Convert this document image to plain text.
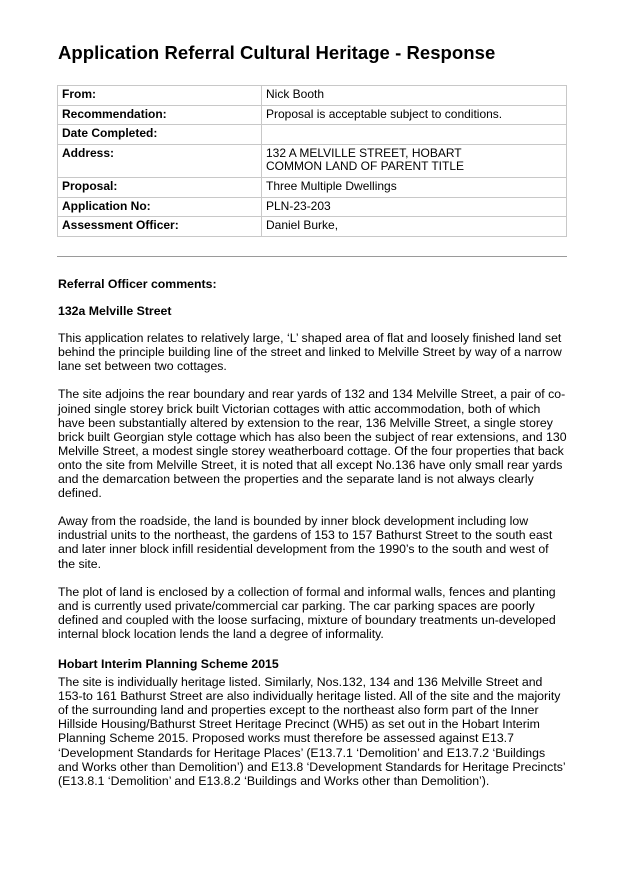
Application Referral Cultural Heritage - Response
From:	Nick Booth
Recommendation:	Proposal is acceptable subject to conditions.
Date Completed:	
Address:	132 A MELVILLE STREET, HOBART
COMMON LAND OF PARENT TITLE

Proposal:	Three Multiple Dwellings
Application No:	PLN-23-203
Assessment Officer:	Daniel Burke,
Referral Officer comments:
132a Melville Street

This application relates to relatively large, ‘L’ shaped area of flat and loosely finished land set behind the principle building line of the street and linked to Melville Street by way of a narrow lane set between two cottages.

The site adjoins the rear boundary and rear yards of 132 and 134 Melville Street, a pair of co-joined single storey brick built Victorian cottages with attic accommodation, both of which have been substantially altered by extension to the rear, 136 Melville Street, a single storey brick built Georgian style cottage which has also been the subject of rear extensions, and 130 Melville Street, a modest single storey weatherboard cottage. Of the four properties that back onto the site from Melville Street, it is noted that all except No.136 have only small rear yards and the demarcation between the properties and the separate land is not always clearly defined.

Away from the roadside, the land is bounded by inner block development including low industrial units to the northeast, the gardens of 153 to 157 Bathurst Street to the south east and later inner block infill residential development from the 1990’s to the south and west of the site.

The plot of land is enclosed by a collection of formal and informal walls, fences and planting and is currently used private/commercial car parking. The car parking spaces are poorly defined and coupled with the loose surfacing, mixture of boundary treatments un-developed internal block location lends the land a degree of informality.

Hobart Interim Planning Scheme 2015

The site is individually heritage listed. Similarly, Nos.132, 134 and 136 Melville Street and 153-to 161 Bathurst Street are also individually heritage listed. All of the site and the majority of the surrounding land and properties except to the northeast also form part of the Inner Hillside Housing/Bathurst Street Heritage Precinct (WH5) as set out in the Hobart Interim Planning Scheme 2015. Proposed works must therefore be assessed against E13.7 ‘Development Standards for Heritage Places’ (E13.7.1 ‘Demolition’ and E13.7.2 ‘Buildings and Works other than Demolition’) and E13.8 ‘Development Standards for Heritage Precincts’ (E13.8.1 ‘Demolition’ and E13.8.2 ‘Buildings and Works other than Demolition’).
